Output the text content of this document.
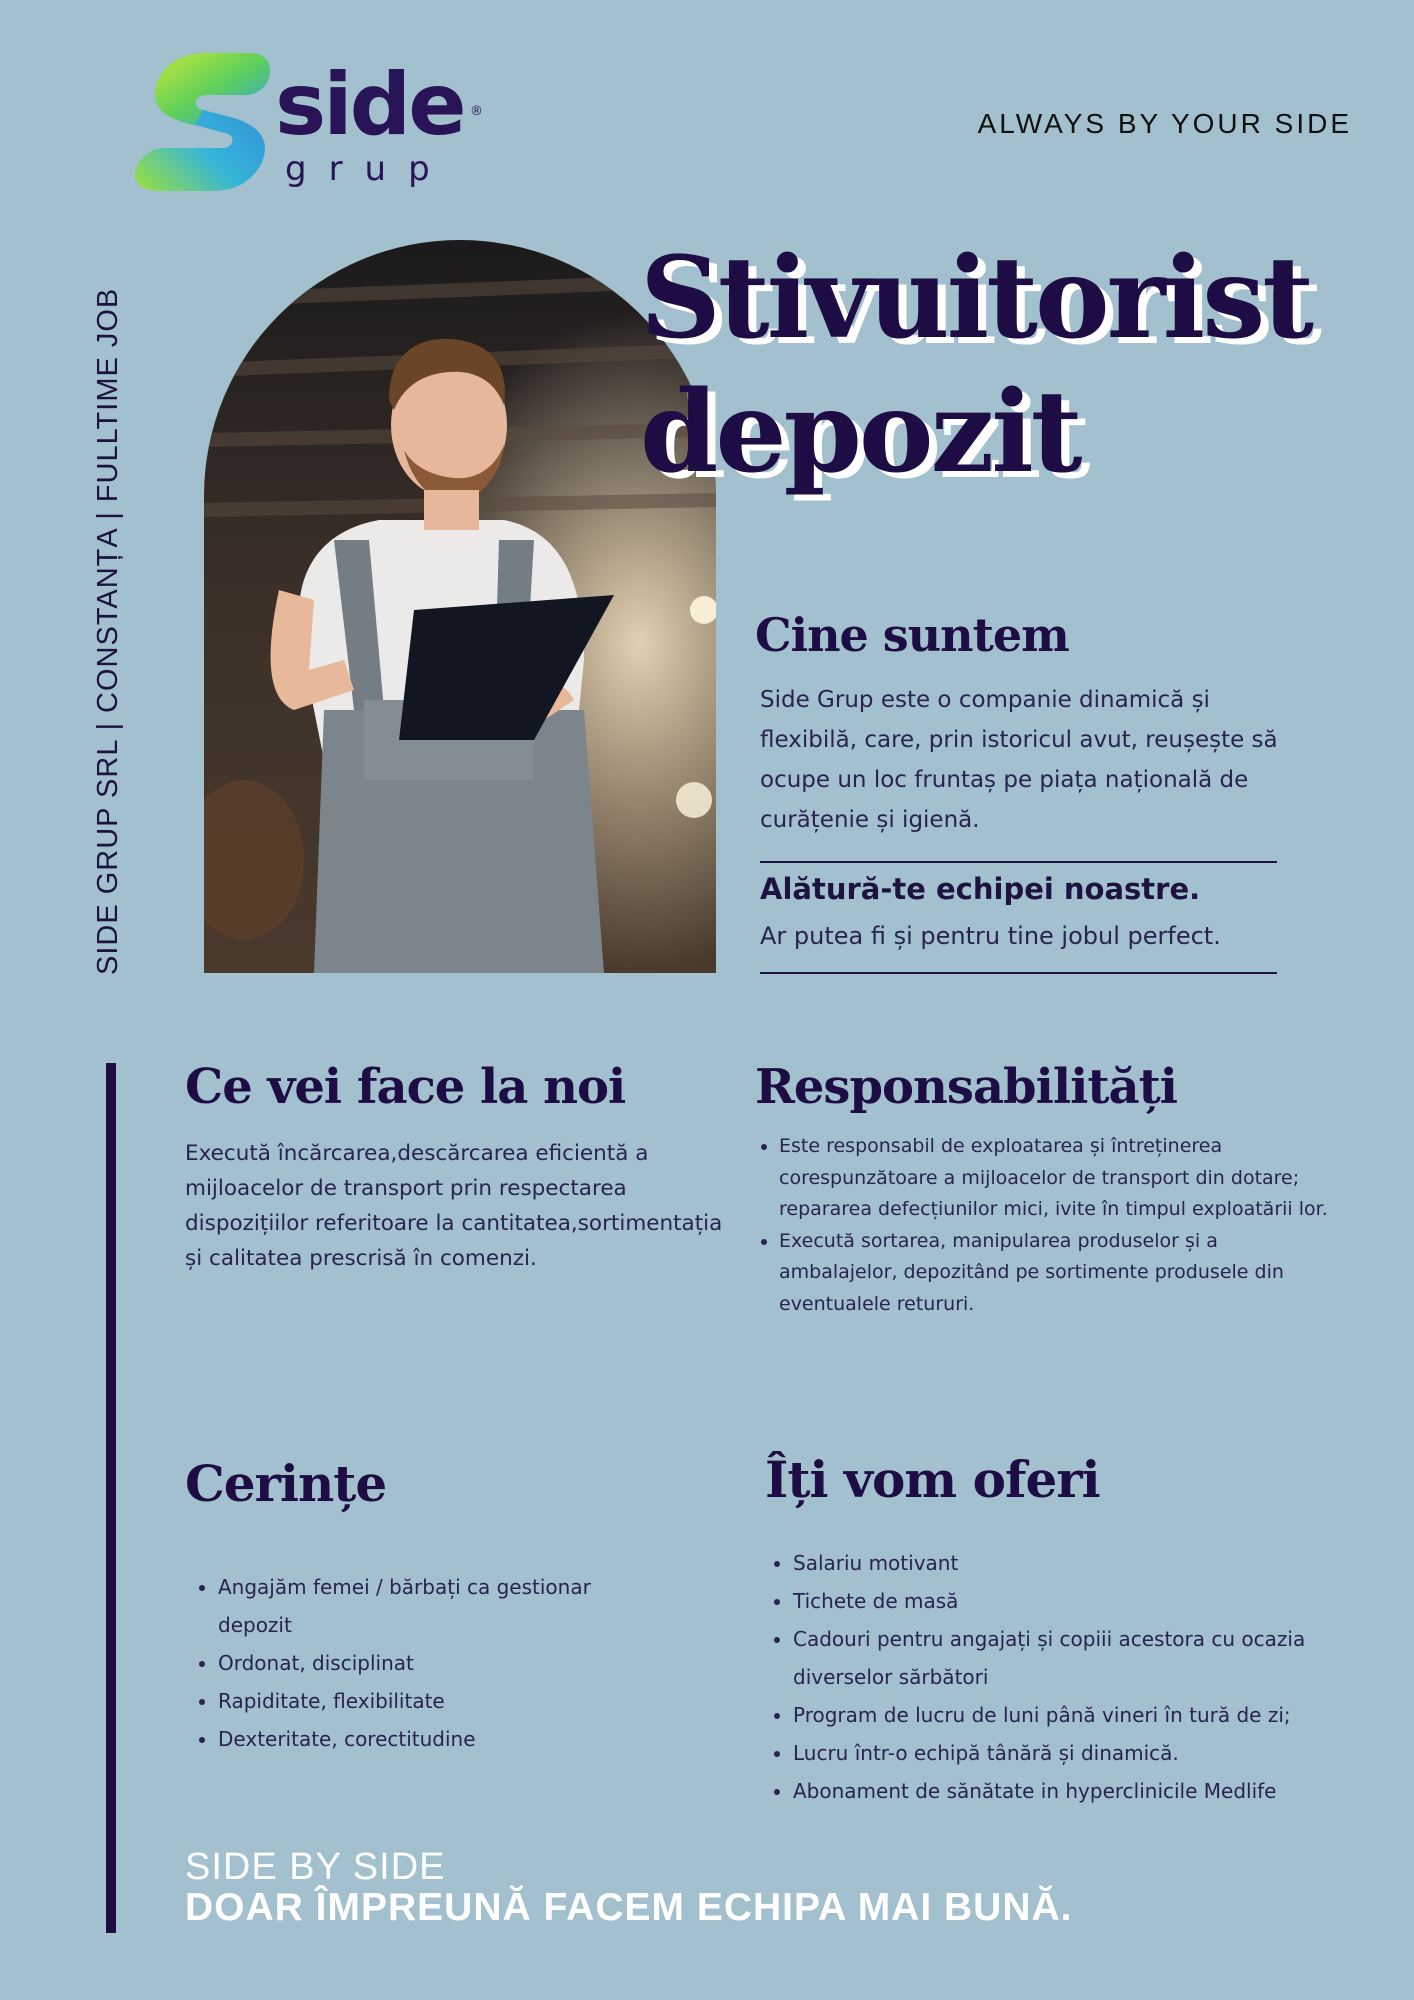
side ®
grup
ALWAYS BY YOUR SIDE
SIDE GRUP SRL | CONSTANȚA | FULLTIME JOB	Stivuitorist
depozit
Cine suntem
Side Grup este o companie dinamică și flexibilă, care, prin istoricul avut, reușește să ocupe un loc fruntaș pe piața națională de curățenie și igienă.
Alătură-te echipei noastre.
Ar putea fi și pentru tine jobul perfect.
Ce vei face la noi
Execută încărcarea,descărcarea eficientă a mijloacelor de transport prin respectarea dispozițiilor referitoare la cantitatea,sortimentația și calitatea prescrisă în comenzi.
Responsabilități
• Este responsabil de exploatarea și întreținerea corespunzătoare a mijloacelor de transport din dotare; repararea defecțiunilor mici, ivite în timpul exploatării lor.
• Execută sortarea, manipularea produselor și a ambalajelor, depozitând pe sortimente produsele din eventualele retururi.
Cerințe
• Angajăm femei / bărbați ca gestionar depozit
• Ordonat, disciplinat
• Rapiditate, flexibilitate
• Dexteritate, corectitudine
Îți vom oferi
• Salariu motivant
• Tichete de masă
• Cadouri pentru angajați și copiii acestora cu ocazia diverselor sărbători
• Program de lucru de luni până vineri în tură de zi;
• Lucru într-o echipă tânără și dinamică.
• Abonament de sănătate in hyperclinicile Medlife
SIDE BY SIDE
DOAR ÎMPREUNĂ FACEM ECHIPA MAI BUNĂ.
